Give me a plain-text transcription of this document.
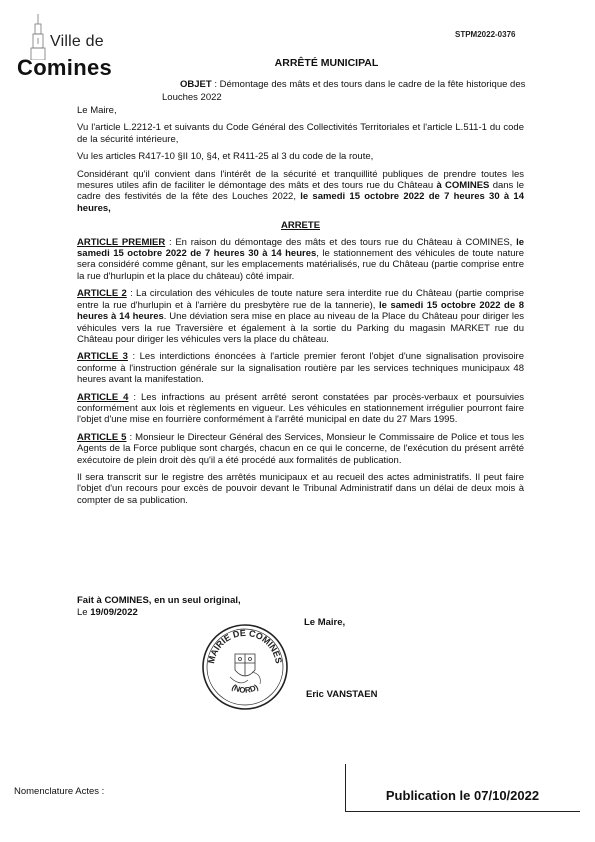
Ville de
Comines
STPM2022-0376
ARRÊTÉ MUNICIPAL
OBJET : Démontage des mâts et des tours dans le cadre de la fête historique des Louches 2022

Le Maire,

Vu l'article L.2212-1 et suivants du Code Général des Collectivités Territoriales et l'article L.511-1 du code de la sécurité intérieure,

Vu les articles R417-10 §II 10, §4, et R411-25 al 3 du code de la route,

Considérant qu'il convient dans l'intérêt de la sécurité et tranquillité publiques de prendre toutes les mesures utiles afin de faciliter le démontage des mâts et des tours rue du Château à COMINES dans le cadre des festivités de la fête des Louches 2022, le samedi 15 octobre 2022 de 7 heures 30 à 14 heures,

ARRETE

ARTICLE PREMIER : En raison du démontage des mâts et des tours rue du Château à COMINES, le samedi 15 octobre 2022 de 7 heures 30 à 14 heures, le stationnement des véhicules de toute nature sera considéré comme gênant, sur les emplacements matérialisés, rue du Château (partie comprise entre la rue d'hurlupin et la place du château) côté impair.

ARTICLE 2 : La circulation des véhicules de toute nature sera interdite rue du Château (partie comprise entre la rue d'hurlupin et à l'arrière du presbytère rue de la tannerie), le samedi 15 octobre 2022 de 8 heures à 14 heures. Une déviation sera mise en place au niveau de la Place du Château pour diriger les véhicules vers la rue Traversière et également à la sortie du Parking du magasin MARKET rue du Château pour diriger les véhicules vers la place du château.

ARTICLE 3 : Les interdictions énoncées à l'article premier feront l'objet d'une signalisation provisoire conforme à l'instruction générale sur la signalisation routière par les services techniques municipaux 48 heures avant la manifestation.

ARTICLE 4 : Les infractions au présent arrêté seront constatées par procès-verbaux et poursuivies conformément aux lois et règlements en vigueur. Les véhicules en stationnement irrégulier pourront faire l'objet d'une mise en fourrière conformément à l'arrêté municipal en date du 27 Mars 1995.

ARTICLE 5 : Monsieur le Directeur Général des Services, Monsieur le Commissaire de Police et tous les Agents de la Force publique sont chargés, chacun en ce qui le concerne, de l'exécution du présent arrêté exécutoire de plein droit dès qu'il a été procédé aux formalités de publication.

Il sera transcrit sur le registre des arrêtés municipaux et au recueil des actes administratifs. Il peut faire l'objet d'un recours pour excès de pouvoir devant le Tribunal Administratif dans un délai de deux mois à compter de sa publication.

Fait à COMINES, en un seul original,
Le 19/09/2022
Le Maire,
MAIRIE DE COMINES
(NORD)
Eric VANSTAEN
Nomenclature Actes :	Publication le 07/10/2022
